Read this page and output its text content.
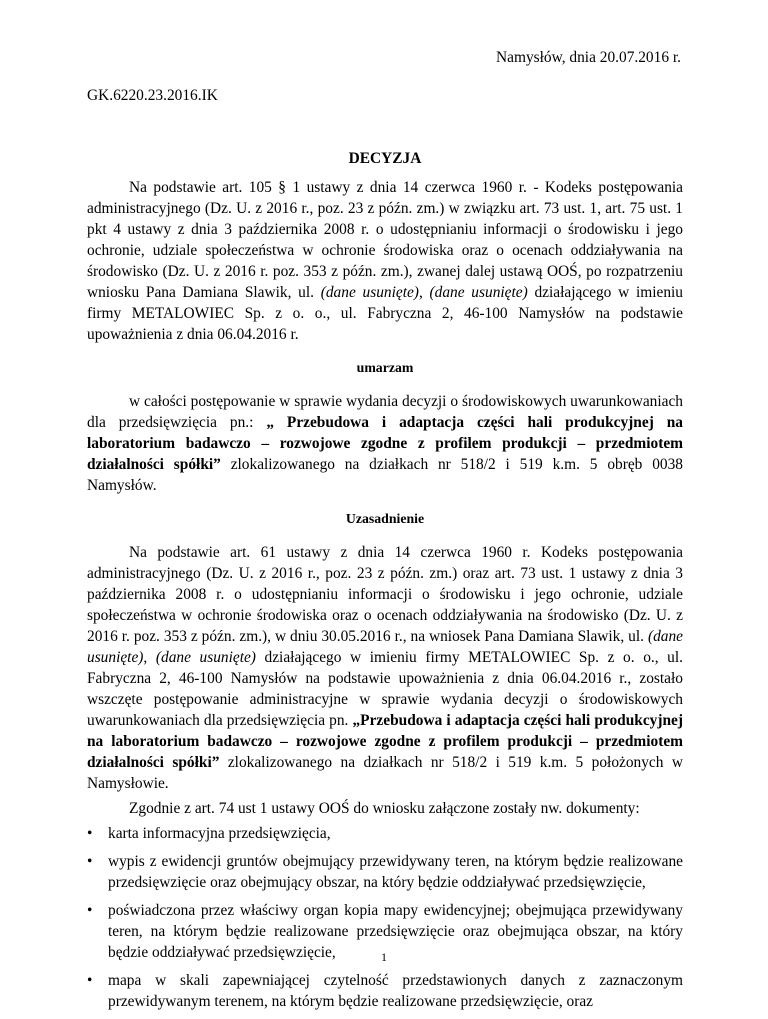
Namysłów, dnia 20.07.2016 r.
GK.6220.23.2016.IK
DECYZJA

Na podstawie art. 105 § 1 ustawy z dnia 14 czerwca 1960 r. - Kodeks postępowania administracyjnego (Dz. U. z 2016 r., poz. 23 z późn. zm.) w związku art. 73 ust. 1, art. 75 ust. 1 pkt 4 ustawy z dnia 3 października 2008 r. o udostępnianiu informacji o środowisku i jego ochronie, udziale społeczeństwa w ochronie środowiska oraz o ocenach oddziaływania na środowisko (Dz. U. z 2016 r. poz. 353 z późn. zm.), zwanej dalej ustawą OOŚ, po rozpatrzeniu wniosku Pana Damiana Slawik, ul. (dane usunięte), (dane usunięte) działającego w imieniu firmy METALOWIEC Sp. z o. o., ul. Fabryczna 2, 46-100 Namysłów na podstawie upoważnienia z dnia 06.04.2016 r.

umarzam

w całości postępowanie w sprawie wydania decyzji o środowiskowych uwarunkowaniach dla przedsięwzięcia pn.: „ Przebudowa i adaptacja części hali produkcyjnej na laboratorium badawczo – rozwojowe zgodne z profilem produkcji – przedmiotem działalności spółki” zlokalizowanego na działkach nr 518/2 i 519 k.m. 5 obręb 0038 Namysłów.

Uzasadnienie

Na podstawie art. 61 ustawy z dnia 14 czerwca 1960 r. Kodeks postępowania administracyjnego (Dz. U. z 2016 r., poz. 23 z późn. zm.) oraz art. 73 ust. 1 ustawy z dnia 3 października 2008 r. o udostępnianiu informacji o środowisku i jego ochronie, udziale społeczeństwa w ochronie środowiska oraz o ocenach oddziaływania na środowisko (Dz. U. z 2016 r. poz. 353 z późn. zm.), w dniu 30.05.2016 r., na wniosek Pana Damiana Slawik, ul. (dane usunięte), (dane usunięte) działającego w imieniu firmy METALOWIEC Sp. z o. o., ul. Fabryczna 2, 46-100 Namysłów na podstawie upoważnienia z dnia 06.04.2016 r., zostało wszczęte postępowanie administracyjne w sprawie wydania decyzji o środowiskowych uwarunkowaniach dla przedsięwzięcia pn. „Przebudowa i adaptacja części hali produkcyjnej na laboratorium badawczo – rozwojowe zgodne z profilem produkcji – przedmiotem działalności spółki” zlokalizowanego na działkach nr 518/2 i 519 k.m. 5 położonych w Namysłowie.

Zgodnie z art. 74 ust 1 ustawy OOŚ do wniosku załączone zostały nw. dokumenty:

• karta informacyjna przedsięwzięcia,
• wypis z ewidencji gruntów obejmujący przewidywany teren, na którym będzie realizowane przedsięwzięcie oraz obejmujący obszar, na który będzie oddziaływać przedsięwzięcie,
• poświadczona przez właściwy organ kopia mapy ewidencyjnej; obejmująca przewidywany teren, na którym będzie realizowane przedsięwzięcie oraz obejmująca obszar, na który będzie oddziaływać przedsięwzięcie,
• mapa w skali zapewniającej czytelność przedstawionych danych z zaznaczonym przewidywanym terenem, na którym będzie realizowane przedsięwzięcie, oraz
1
